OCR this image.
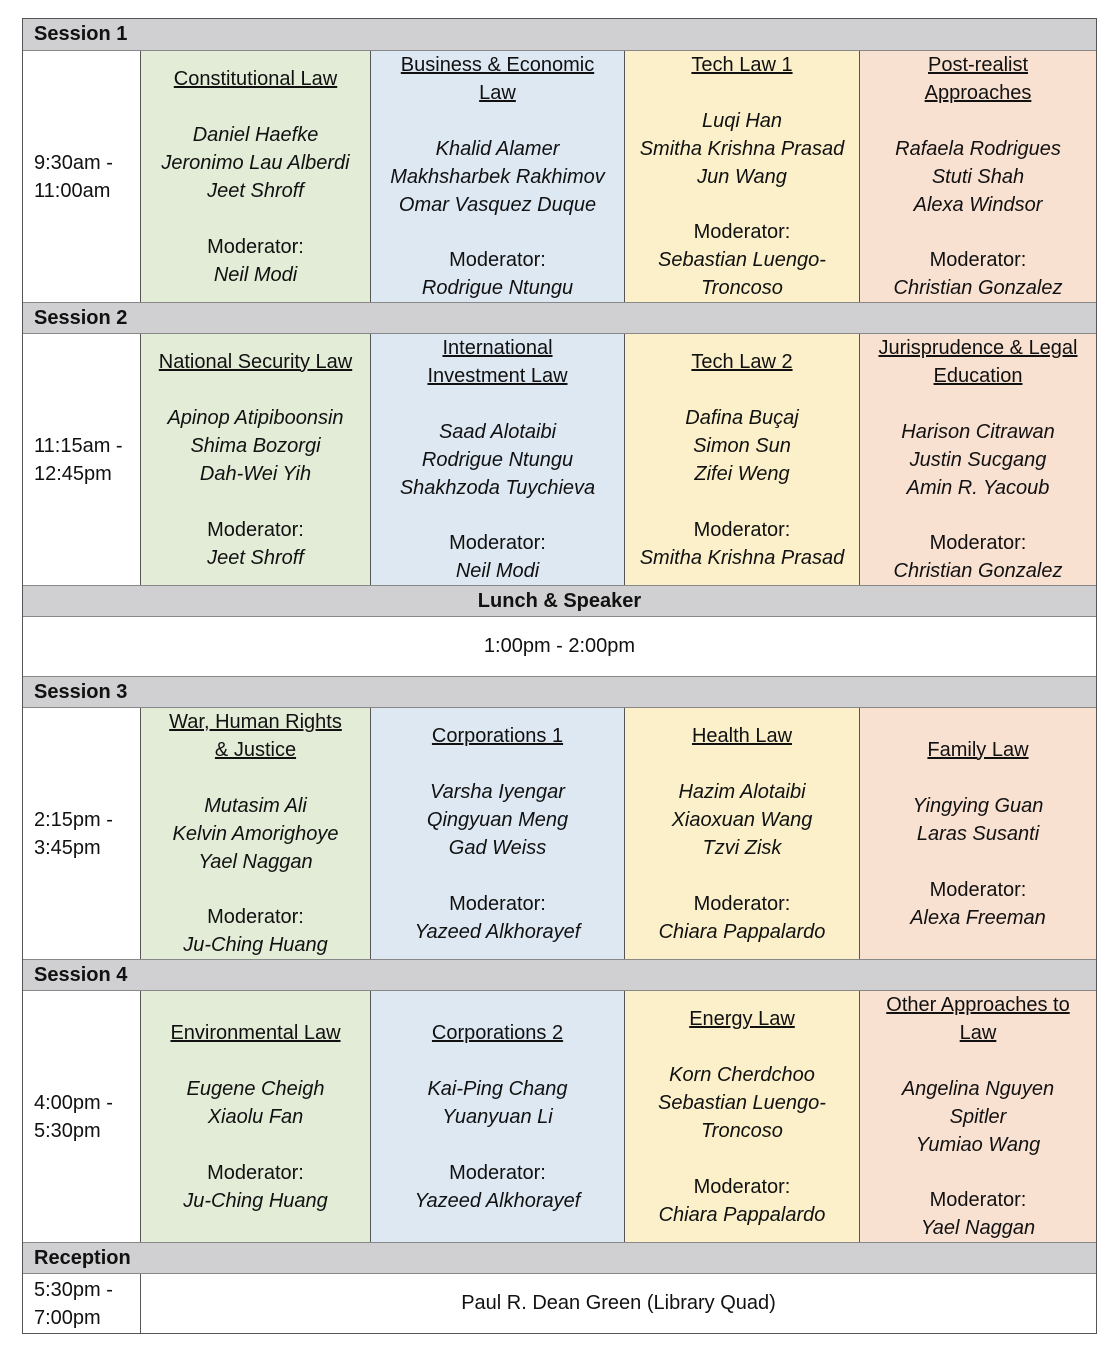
Session 1
9:30am -
11:00am
Constitutional Law
Daniel Haefke
Jeronimo Lau Alberdi
Jeet Shroff
Moderator:
Neil Modi
Business & Economic Law
Khalid Alamer
Makhsharbek Rakhimov
Omar Vasquez Duque
Moderator:
Rodrigue Ntungu
Tech Law 1
Luqi Han
Smitha Krishna Prasad
Jun Wang
Moderator:
Sebastian Luengo-Troncoso
Post-realist Approaches
Rafaela Rodrigues
Stuti Shah
Alexa Windsor
Moderator:
Christian Gonzalez
Session 2
11:15am -
12:45pm
National Security Law
Apinop Atipiboonsin
Shima Bozorgi
Dah-Wei Yih
Moderator:
Jeet Shroff
International Investment Law
Saad Alotaibi
Rodrigue Ntungu
Shakhzoda Tuychieva
Moderator:
Neil Modi
Tech Law 2
Dafina Buçaj
Simon Sun
Zifei Weng
Moderator:
Smitha Krishna Prasad
Jurisprudence & Legal Education
Harison Citrawan
Justin Sucgang
Amin R. Yacoub
Moderator:
Christian Gonzalez
Lunch & Speaker
1:00pm - 2:00pm
Session 3
2:15pm -
3:45pm
War, Human Rights & Justice
Mutasim Ali
Kelvin Amorighoye
Yael Naggan
Moderator:
Ju-Ching Huang
Corporations 1
Varsha Iyengar
Qingyuan Meng
Gad Weiss
Moderator:
Yazeed Alkhorayef
Health Law
Hazim Alotaibi
Xiaoxuan Wang
Tzvi Zisk
Moderator:
Chiara Pappalardo
Family Law
Yingying Guan
Laras Susanti
Moderator:
Alexa Freeman
Session 4
4:00pm -
5:30pm
Environmental Law
Eugene Cheigh
Xiaolu Fan
Moderator:
Ju-Ching Huang
Corporations 2
Kai-Ping Chang
Yuanyuan Li
Moderator:
Yazeed Alkhorayef
Energy Law
Korn Cherdchoo
Sebastian Luengo-Troncoso
Moderator:
Chiara Pappalardo
Other Approaches to Law
Angelina Nguyen Spitler
Yumiao Wang
Moderator:
Yael Naggan
Reception
5:30pm -
7:00pm
Paul R. Dean Green (Library Quad)
